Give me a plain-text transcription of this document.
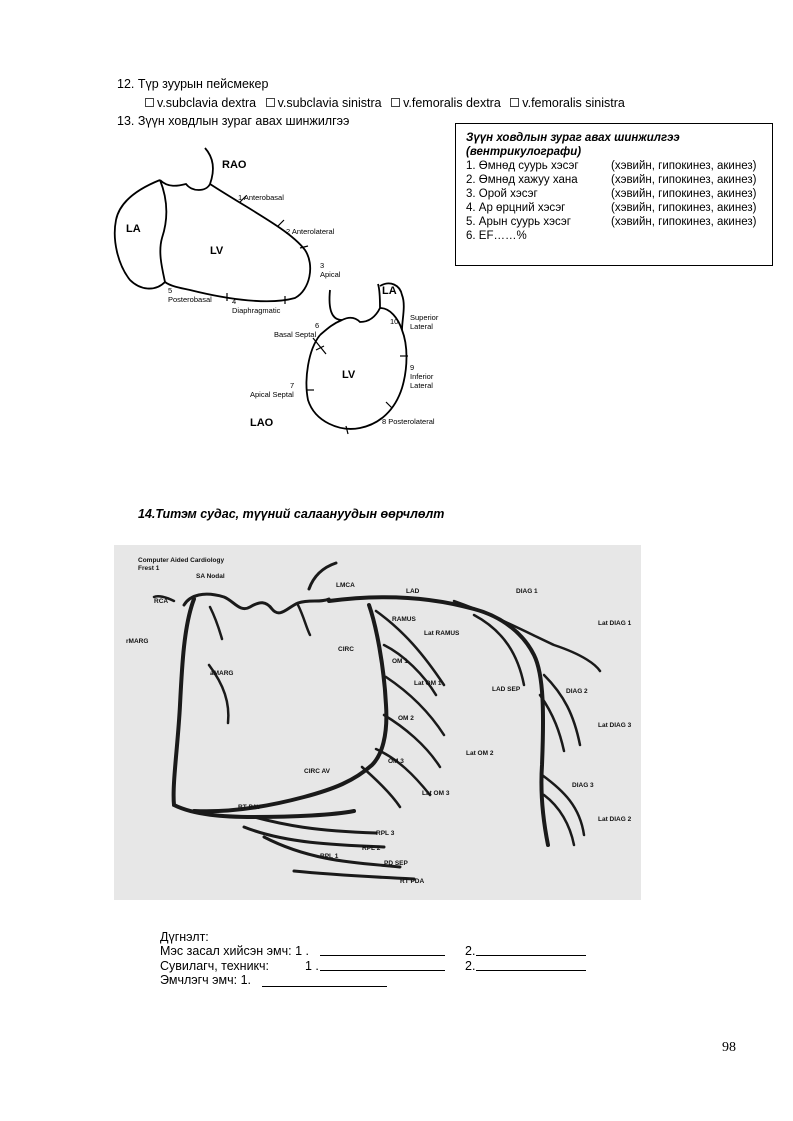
12. Түр зуурын пейсмекер
v.subclavia dextra v.subclavia sinistra v.femoralis dextra v.femoralis sinistra
13. Зүүн ховдлын зураг авах шинжилгээ
Зүүн ховдлын зураг авах шинжилгээ
(вентрикулографи)
1. Өмнөд суурь хэсэг	(хэвийн, гипокинез, акинез)
2. Өмнөд хажуу хана	(хэвийн, гипокинез, акинез)
3. Орой хэсэг	(хэвийн, гипокинез, акинез)
4. Ар өрцний хэсэг	(хэвийн, гипокинез, акинез)
5. Арын суурь хэсэг	(хэвийн, гипокинез, акинез)
6. EF……%
RAO
LA
LV
1 Anterobasal
2 Anterolateral
3
Apical
5
Posterobasal	4
Diaphragmatic
LA
LV
6
Basal Septal
10 Superior
Lateral
9
Inferior
Lateral
7
Apical Septal
8 Posterolateral
LAO
14.Титэм судас, түүний салаануудын өөрчлөлт
Computer Aided Cardiology
Frest 1
SA Nodal
RCA
LMCA
LAD	DIAG 1
Lat DIAG 1
RAMUS
Lat RAMUS
CIRC
rMARG
aMARG
OM 1
Lat OM 1
LAD SEP	DIAG 2
Lat DIAG 3
OM 2
Lat OM 2
OM 3
CIRC AV
Lat OM 3
DIAG 3
Lat DIAG 2
RT PAV
RPL 3
RPL 2
RPL 1
PD SEP
RT PDA
Дүгнэлт:
Мэс засал хийсэн эмч: 1 .	2.
Сувилагч, техникч:	1 .	2.
Эмчлэгч эмч: 1.
98
